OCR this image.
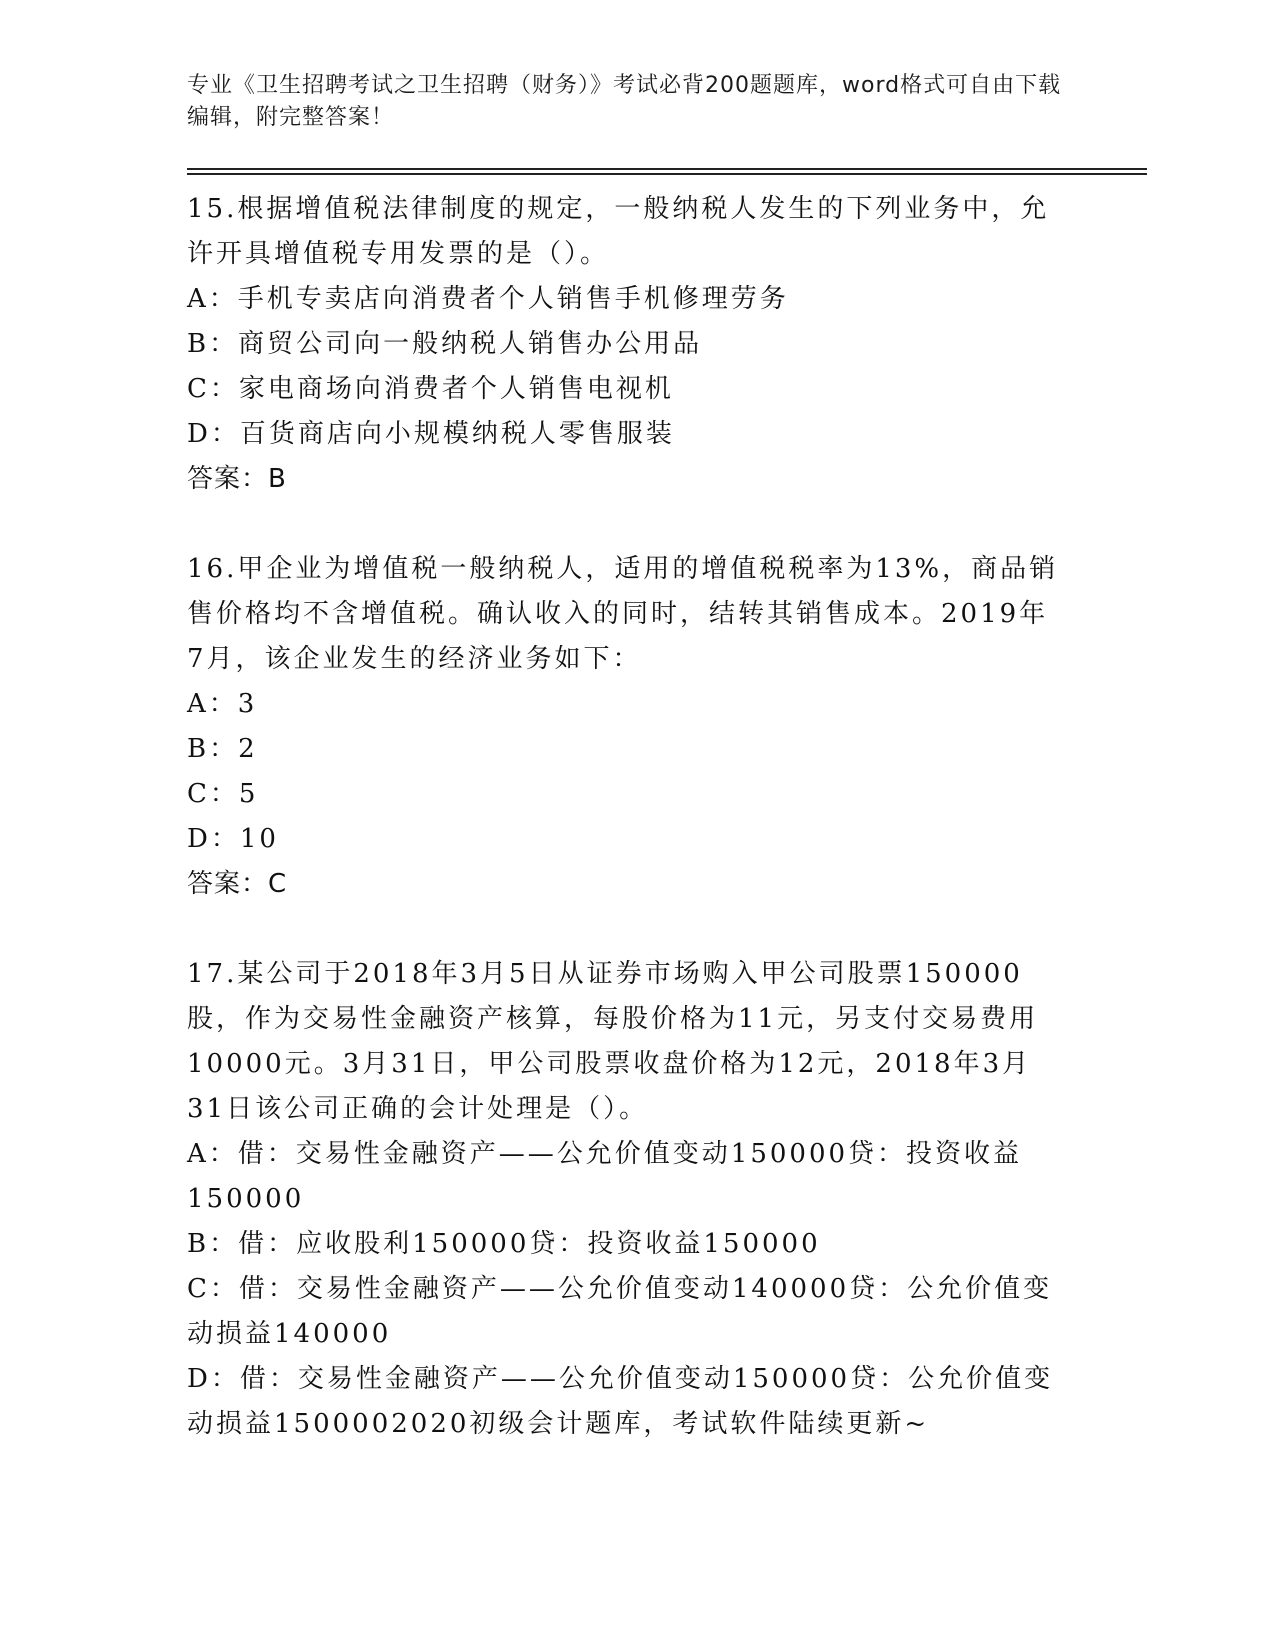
专业《卫生招聘考试之卫生招聘（财务）》考试必背200题题库，word格式可自由下载编辑，附完整答案！
15.根据增值税法律制度的规定，一般纳税人发生的下列业务中，允许开具增值税专用发票的是（）。
A：手机专卖店向消费者个人销售手机修理劳务
B：商贸公司向一般纳税人销售办公用品
C：家电商场向消费者个人销售电视机
D：百货商店向小规模纳税人零售服装
答案：B
16.甲企业为增值税一般纳税人，适用的增值税税率为13%，商品销售价格均不含增值税。确认收入的同时，结转其销售成本。2019年7月，该企业发生的经济业务如下：
A：3
B：2
C：5
D：10
答案：C
17.某公司于2018年3月5日从证券市场购入甲公司股票150000股，作为交易性金融资产核算，每股价格为11元，另支付交易费用10000元。3月31日，甲公司股票收盘价格为12元，2018年3月31日该公司正确的会计处理是（）。
A：借：交易性金融资产——公允价值变动150000贷：投资收益150000
B：借：应收股利150000贷：投资收益150000
C：借：交易性金融资产——公允价值变动140000贷：公允价值变动损益140000
D：借：交易性金融资产——公允价值变动150000贷：公允价值变动损益1500002020初级会计题库，考试软件陆续更新~
